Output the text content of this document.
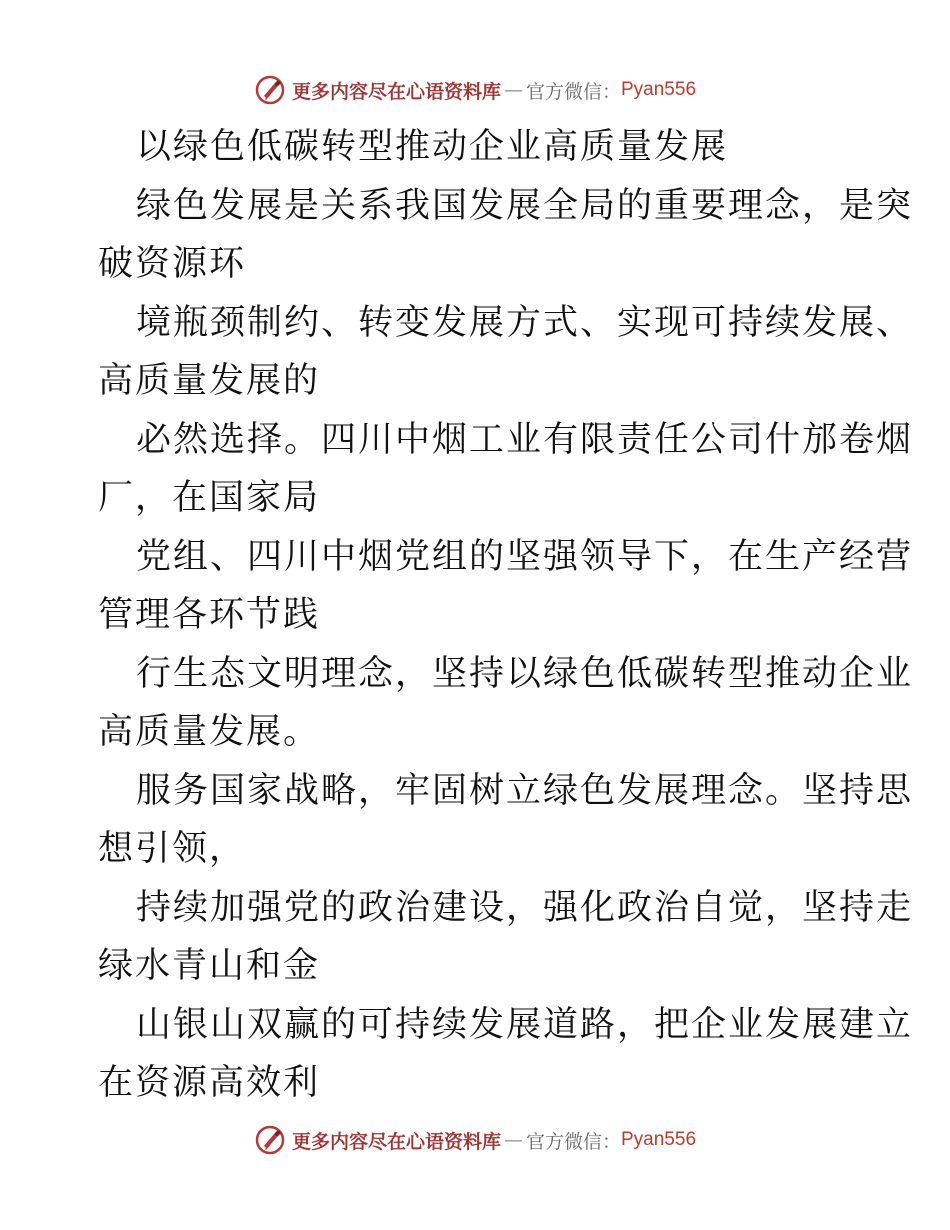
更多内容尽在心语资料库 — 官方微信： Pyan556
以绿色低碳转型推动企业高质量发展
绿色发展是关系我国发展全局的重要理念，是突
破资源环
境瓶颈制约、转变发展方式、实现可持续发展、
高质量发展的
必然选择。四川中烟工业有限责任公司什邡卷烟
厂，在国家局
党组、四川中烟党组的坚强领导下，在生产经营
管理各环节践
行生态文明理念，坚持以绿色低碳转型推动企业
高质量发展。
服务国家战略，牢固树立绿色发展理念。坚持思
想引领，
持续加强党的政治建设，强化政治自觉，坚持走
绿水青山和金
山银山双赢的可持续发展道路，把企业发展建立
在资源高效利
更多内容尽在心语资料库 — 官方微信： Pyan556
